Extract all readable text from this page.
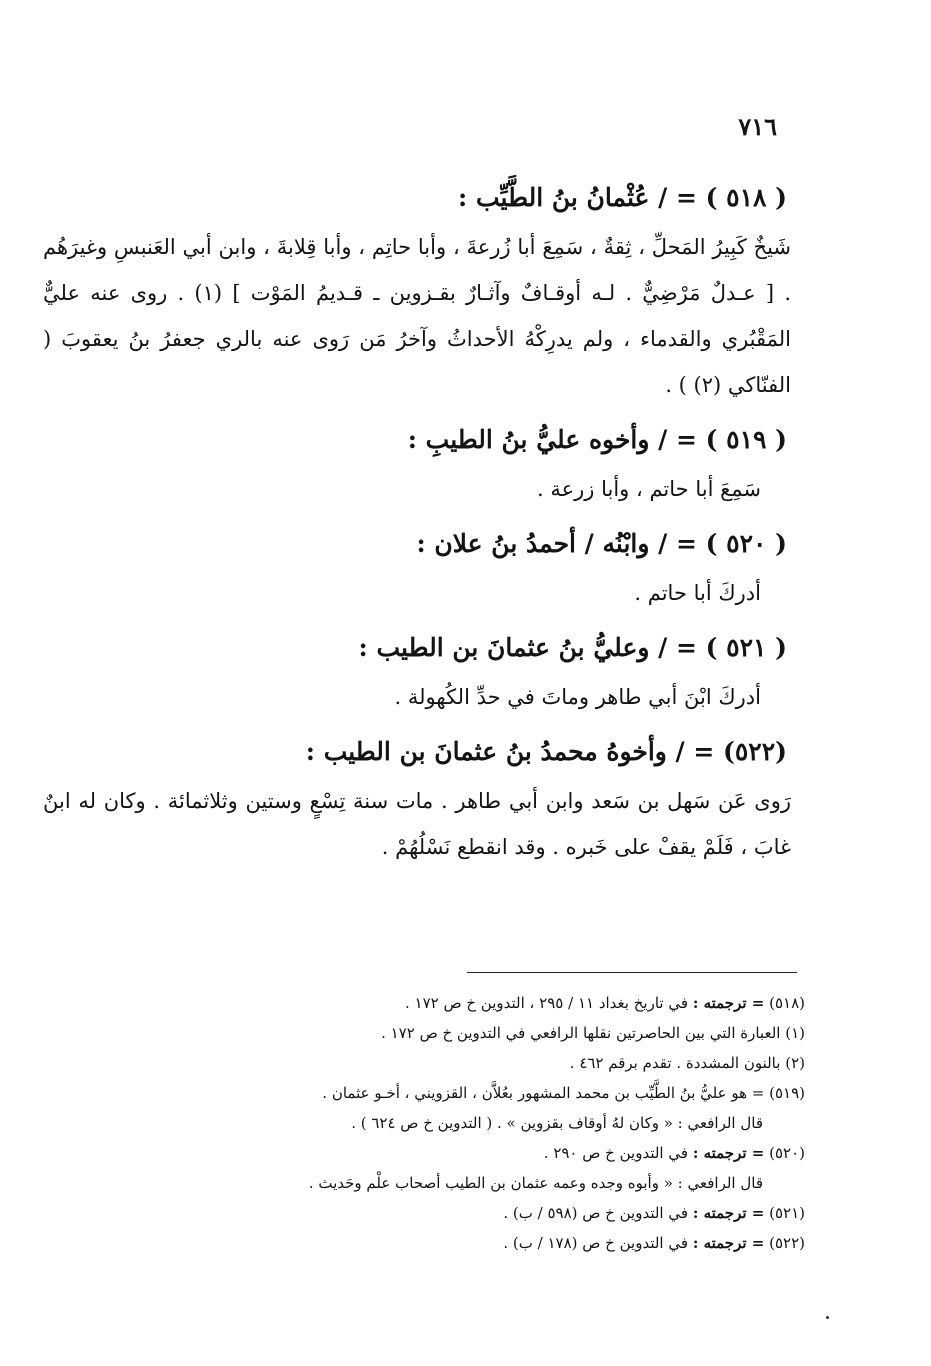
٧١٦
( ٥١٨ ) = / عُثْمانُ بنُ الطَّيِّب :

شَيخٌ كَبِيرُ المَحلِّ ، ثِقةٌ ، سَمِعَ أبا زُرعةَ ، وأبا حاتِم ، وأبا قِلابةَ ، وابن أبي العَنبسِ وغيرَهُم . [ عـدلٌ مَرْضِيٌّ . لـه أوقـافٌ وآثـارٌ بقـزوين ـ قـديمُ المَوْت ] (١) . روى عنه عليٌّ المَقْبُري والقدماء ، ولم يدرِكْهُ الأحداثُ وآخرُ مَن رَوى عنه بالري جعفرُ بنُ يعقوبَ ( الفنّاكي (٢) ) .

( ٥١٩ ) = / وأخوه عليُّ بنُ الطيبِ :

سَمِعَ أبا حاتم ، وأبا زرعة .

( ٥٢٠ ) = / وابْنُه / أحمدُ بنُ علان :

أدركَ أبا حاتم .

( ٥٢١ ) = / وعليُّ بنُ عثمانَ بن الطيب :

أدركَ ابْنَ أبي طاهر وماتَ في حدِّ الكُهولة .

(٥٢٢) = / وأخوهُ محمدُ بنُ عثمانَ بن الطيب :

رَوى عَن سَهل بن سَعد وابن أبي طاهر . مات سنة تِسْعٍ وستين وثلاثمائة . وكان له ابنٌ غابَ ، فَلَمْ يقفْ على خَبره . وقد انقطع نَسْلُهُمْ .

(٥١٨) = ترجمته : في تاريخ بغداد ١١ / ٢٩٥ ، التدوين خ ص ١٧٢ .

(١) العبارة التي بين الحاصرتين نقلها الرافعي في التدوين خ ص ١٧٢ .

(٢) بالنون المشددة . تقدم برقم ٤٦٢ .

(٥١٩) = هو عليُّ بنُ الطَّيِّب بن محمد المشهور بعُلاَّن ، القزويني ، أخـو عثمان .

قال الرافعي : « وكان لهُ أوقاف بقزوين » . ( التدوين خ ص ٦٢٤ ) .

(٥٢٠) = ترجمته : في التدوين خ ص ٢٩٠ .

قال الرافعي : « وأبوه وجده وعمه عثمان بن الطيب أصحاب علْم وحَديث .

(٥٢١) = ترجمته : في التدوين خ ص (٥٩٨ / ب) .

(٥٢٢) = ترجمته : في التدوين خ ص (١٧٨ / ب) .
